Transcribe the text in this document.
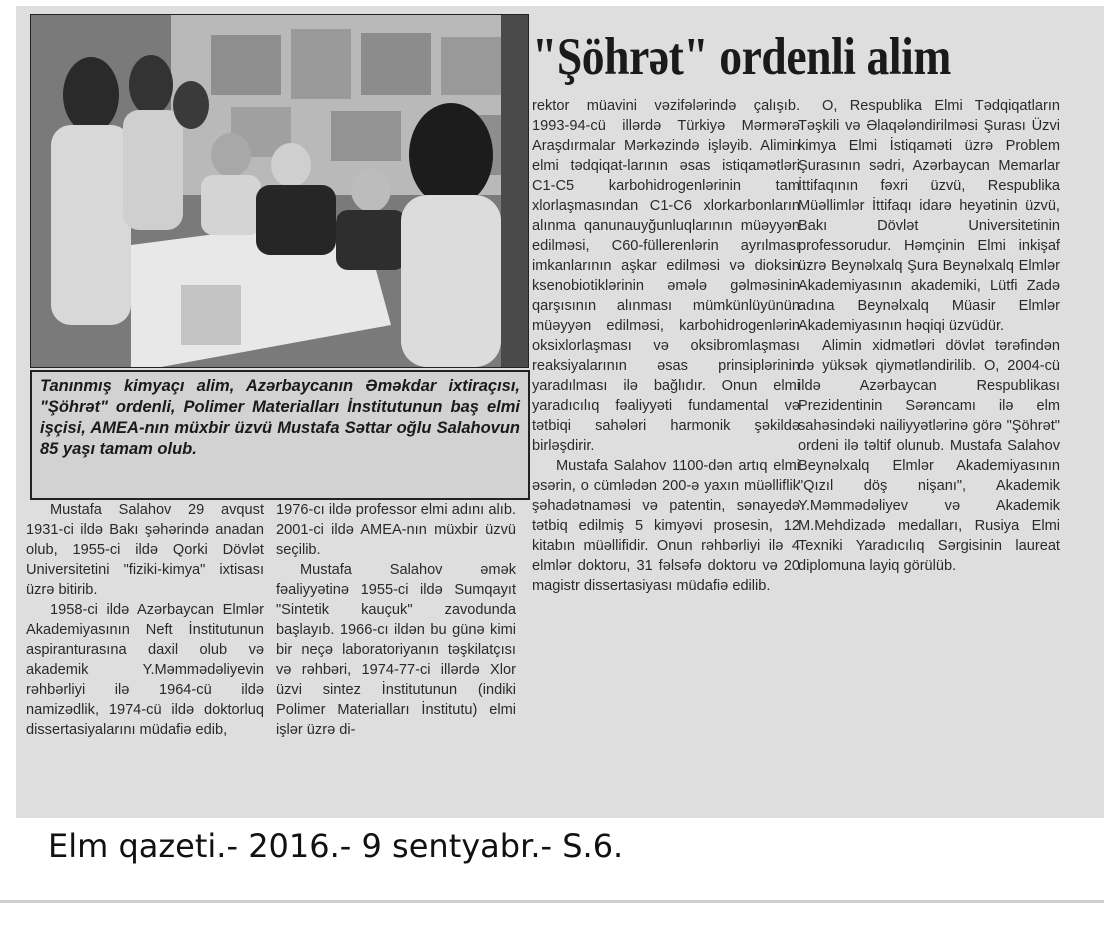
Tanınmış kimyaçı alim, Azərbaycanın Əməkdar ixtiraçısı, "Şöhrət" ordenli, Polimer Materialları İnstitutunun baş elmi işçisi, AMEA-nın müxbir üzvü Mustafa Səttar oğlu Salahovun 85 yaşı tamam olub.
"Şöhrət" ordenli alim

Mustafa Salahov 29 avqust 1931-ci ildə Bakı şəhərində anadan olub, 1955-ci ildə Qorki Dövlət Universitetini "fiziki-kimya" ixtisası üzrə bitirib.

1958-ci ildə Azərbaycan Elmlər Akademiyasının Neft İnstitutunun aspiranturasına daxil olub və akademik Y.Məmmədəliyevin rəhbərliyi ilə 1964-cü ildə namizədlik, 1974-cü ildə doktorluq dissertasiyalarını müdafiə edib,

1976-cı ildə professor elmi adını alıb. 2001-ci ildə AMEA-nın müxbir üzvü seçilib.

Mustafa Salahov əmək fəaliyyətinə 1955-ci ildə Sumqayıt "Sintetik kauçuk" zavodunda başlayıb. 1966-cı ildən bu günə kimi bir neçə laboratoriyanın təşkilatçısı və rəhbəri, 1974-77-ci illərdə Xlor üzvi sintez İnstitutunun (indiki Polimer Materialları İnstitutu) elmi işlər üzrə di-

rektor müavini vəzifələrində çalışıb. 1993-94-cü illərdə Türkiyə Mərmərə Araşdırmalar Mərkəzində işləyib. Alimin elmi tədqiqat-larının əsas istiqamətləri C1-C5 karbohidrogenlərinin tam xlorlaşmasından C1-C6 xlorkarbonların alınma qanunauyğunluqlarının müəyyən edilməsi, C60-füllerenlərin ayrılması imkanlarının aşkar edilməsi və dioksin ksenobiotiklərinin əmələ gəlməsinin qarşısının alınması mümkünlüyünün müəyyən edilməsi, karbohidrogenlərin oksixlorlaşması və oksibromlaşması reaksiyalarının əsas prinsiplərinin yaradılması ilə bağlıdır. Onun elmi yaradıcılıq fəaliyyəti fundamental və tətbiqi sahələri harmonik şəkildə birləşdirir.

Mustafa Salahov 1100-dən artıq elmi əsərin, o cümlədən 200-ə yaxın müəlliflik şəhadətnaməsi və patentin, sənayedə tətbiq edilmiş 5 kimyəvi prosesin, 12 kitabın müəllifidir. Onun rəhbərliyi ilə 4 elmlər doktoru, 31 fəlsəfə doktoru və 20 magistr dissertasiyası müdafiə edilib.

O, Respublika Elmi Tədqiqatların Təşkili və Əlaqələndirilməsi Şurası Üzvi kimya Elmi İstiqaməti üzrə Problem Şurasının sədri, Azərbaycan Memarlar İttifaqının fəxri üzvü, Respublika Müəllimlər İttifaqı idarə heyətinin üzvü, Bakı Dövlət Universitetinin professorudur. Həmçinin Elmi inkişaf üzrə Beynəlxalq Şura Beynəlxalq Elmlər Akademiyasının akademiki, Lütfi Zadə adına Beynəlxalq Müasir Elmlər Akademiyasının həqiqi üzvüdür.

Alimin xidmətləri dövlət tərəfindən də yüksək qiymətləndirilib. O, 2004-cü ildə Azərbaycan Respublikası Prezidentinin Sərəncamı ilə elm sahəsindəki nailiyyətlərinə görə "Şöhrət" ordeni ilə təltif olunub. Mustafa Salahov Beynəlxalq Elmlər Akademiyasının "Qızıl döş nişanı", Akademik Y.Məmmədəliyev və Akademik M.Mehdizadə medalları, Rusiya Elmi Texniki Yaradıcılıq Sərgisinin laureat diplomuna layiq görülüb.

Elm qazeti.- 2016.- 9 sentyabr.- S.6.
